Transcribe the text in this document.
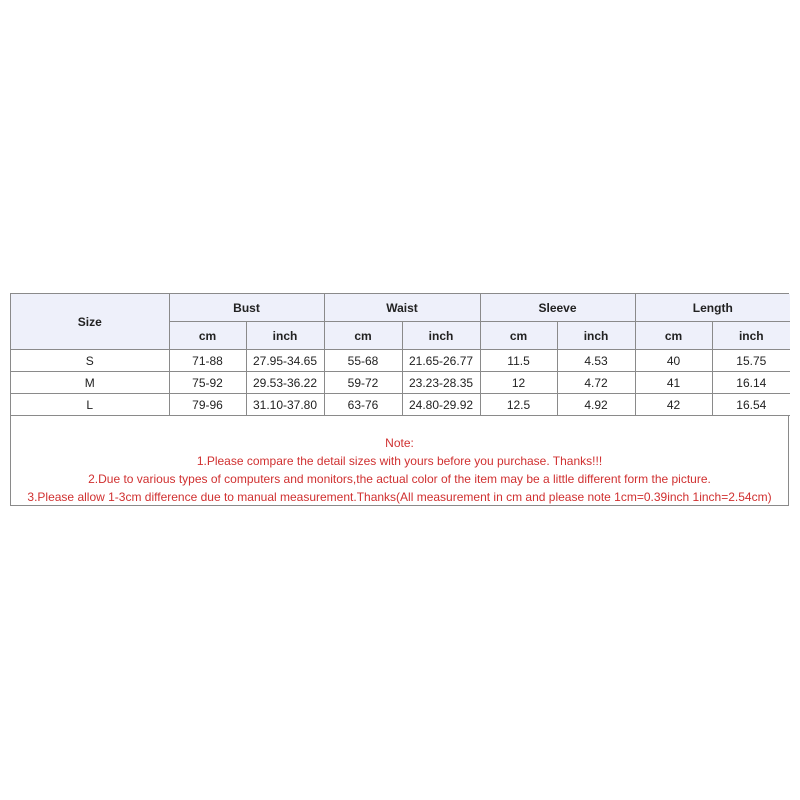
Size	Bust		Waist		Sleeve		Length	
	cm	inch	cm	inch	cm	inch	cm	inch
S	71-88	27.95-34.65	55-68	21.65-26.77	11.5	4.53	40	15.75
M	75-92	29.53-36.22	59-72	23.23-28.35	12	4.72	41	16.14
L	79-96	31.10-37.80	63-76	24.80-29.92	12.5	4.92	42	16.54
Note:
1.Please compare the detail sizes with yours before you purchase. Thanks!!!
2.Due to various types of computers and monitors,the actual color of the item may be a little different form the picture.
3.Please allow 1-3cm difference due to manual measurement.Thanks(All measurement in cm and please note 1cm=0.39inch 1inch=2.54cm)
